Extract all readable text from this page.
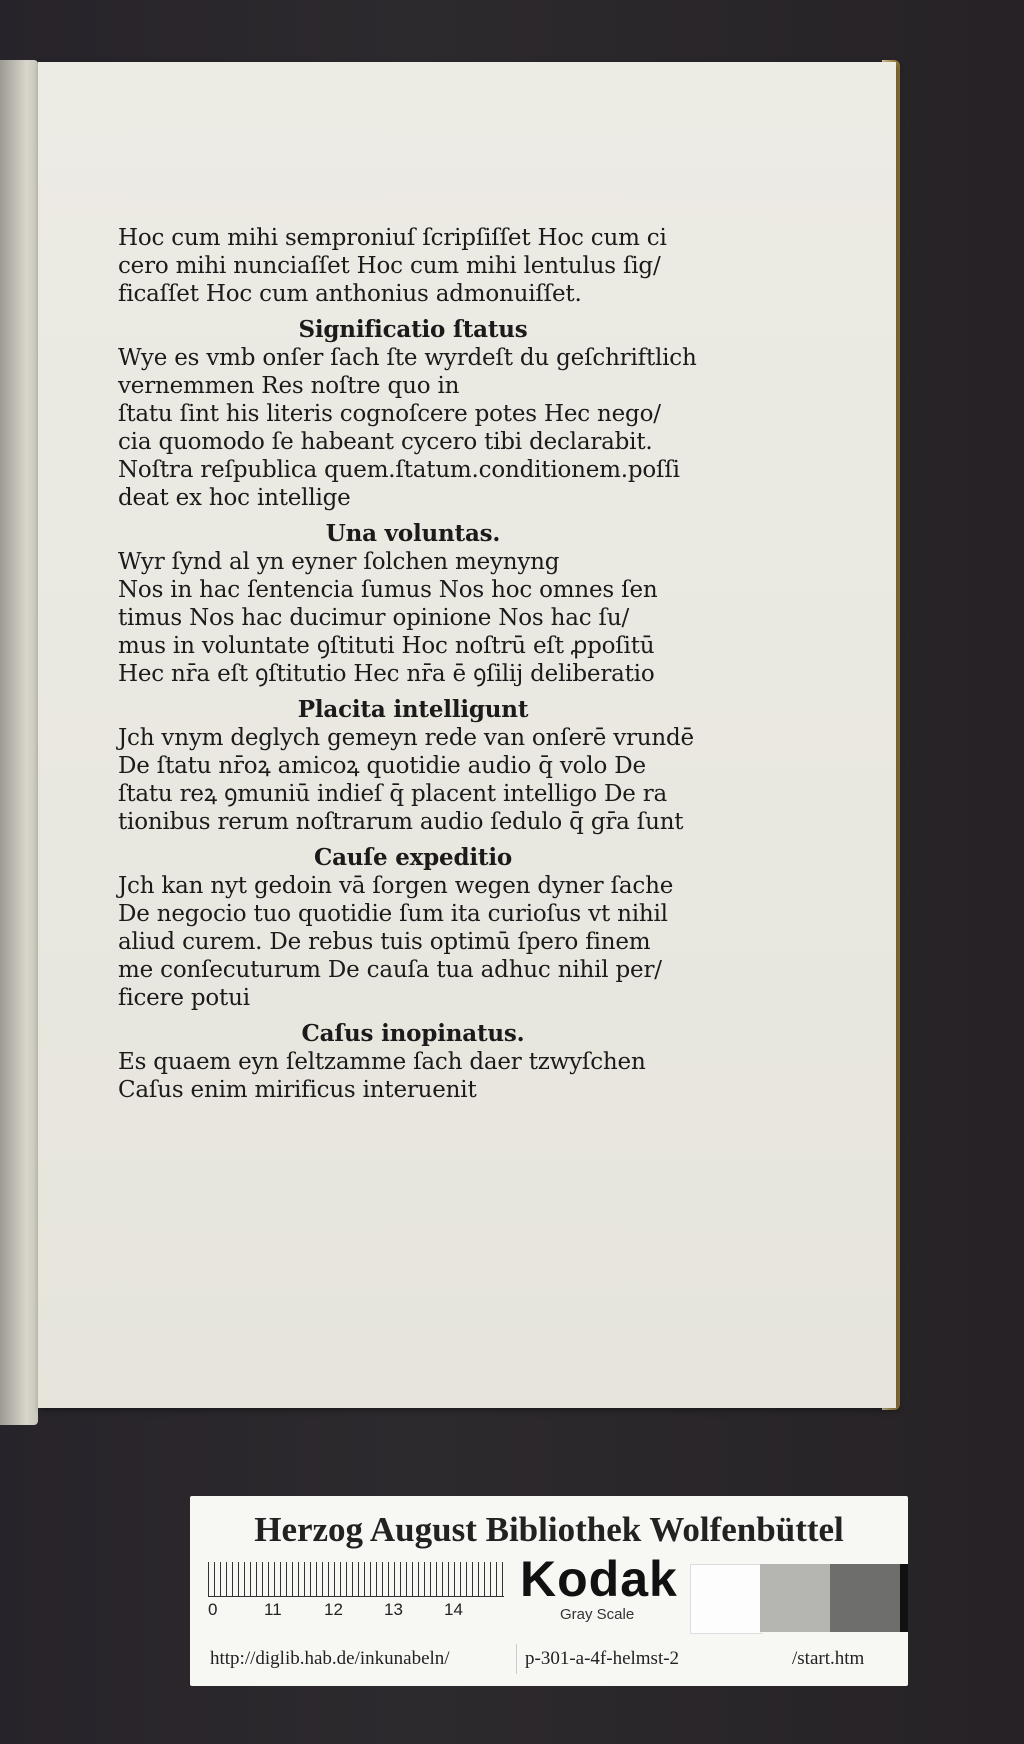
Hoc cum mihi semproniuſ ſcripſiſſet Hoc cum ci
cero mihi nunciaſſet Hoc cum mihi lentulus ſig/
ficaſſet Hoc cum anthonius admonuiſſet.
Significatio ſtatus
Wye es vmb onſer ſach ſte wyrdeſt du geſchriftlich
vernemmen Res noſtre quo in
ſtatu ſint his literis cognoſcere potes Hec nego/
cia quomodo ſe habeant cycero tibi declarabit.
Noſtra reſpublica quem.ſtatum.conditionem.poſſi
deat ex hoc intellige
Una voluntas.
Wyr ſynd al yn eyner ſolchen meynyng
Nos in hac ſentencia ſumus Nos hoc omnes ſen
timus Nos hac ducimur opinione Nos hac ſu/
mus in voluntate ꝯſtituti Hoc noſtrū eſt ꝓpoſitū
Hec nr̄a eſt ꝯſtitutio Hec nr̄a ē ꝯſilij deliberatio
Placita intelligunt
Jch vnym deglych gemeyn rede van onſerē vrundē
De ſtatu nr̄oꝝ amicoꝝ quotidie audio q̄ volo De
ſtatu reꝝ ꝯmuniū indieſ q̄ placent intelligo De ra
tionibus rerum noſtrarum audio ſedulo q̄ gr̄a ſunt
Cauſe expeditio
Jch kan nyt gedoin vā ſorgen wegen dyner ſache
De negocio tuo quotidie ſum ita curioſus vt nihil
aliud curem. De rebus tuis optimū ſpero finem
me conſecuturum De cauſa tua adhuc nihil per/
ficere potui
Caſus inopinatus.
Es quaem eyn ſeltzamme ſach daer tzwyſchen
Caſus enim mirificus interuenit
Herzog August Bibliothek Wolfenbüttel
0	11 12 13 14
Kodak
Gray Scale
http://diglib.hab.de/inkunabeln/	p-301-a-4f-helmst-2	/start.htm
